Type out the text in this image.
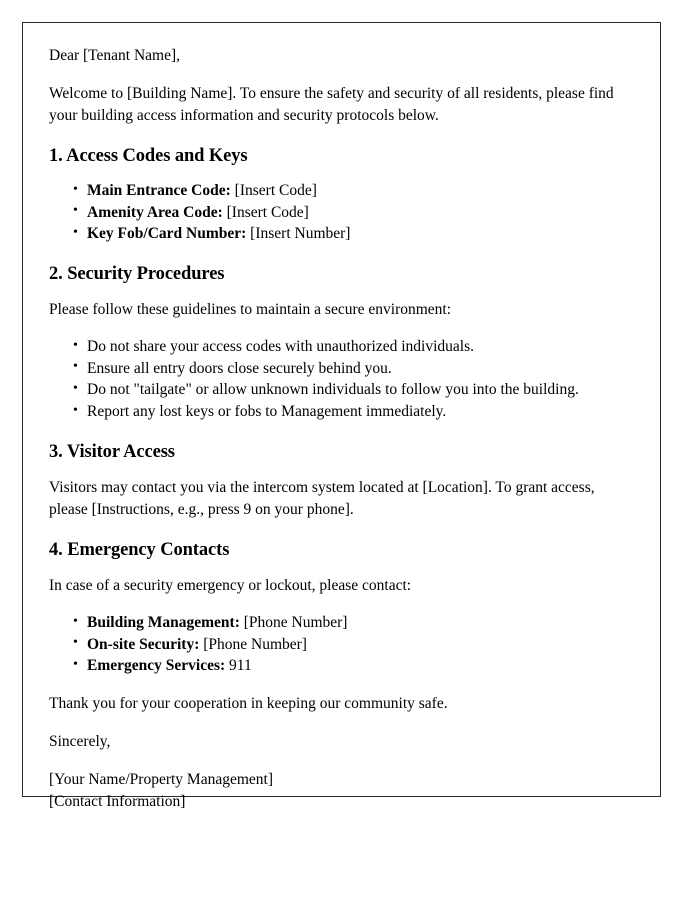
Dear [Tenant Name],

Welcome to [Building Name]. To ensure the safety and security of all residents, please find your building access information and security protocols below.

1. Access Codes and Keys
• Main Entrance Code: [Insert Code]
• Amenity Area Code: [Insert Code]
• Key Fob/Card Number: [Insert Number]
2. Security Procedures

Please follow these guidelines to maintain a secure environment:

• Do not share your access codes with unauthorized individuals.
• Ensure all entry doors close securely behind you.
• Do not "tailgate" or allow unknown individuals to follow you into the building.
• Report any lost keys or fobs to Management immediately.
3. Visitor Access

Visitors may contact you via the intercom system located at [Location]. To grant access, please [Instructions, e.g., press 9 on your phone].

4. Emergency Contacts

In case of a security emergency or lockout, please contact:

• Building Management: [Phone Number]
• On-site Security: [Phone Number]
• Emergency Services: 911

Thank you for your cooperation in keeping our community safe.

Sincerely,

[Your Name/Property Management]

[Contact Information]
